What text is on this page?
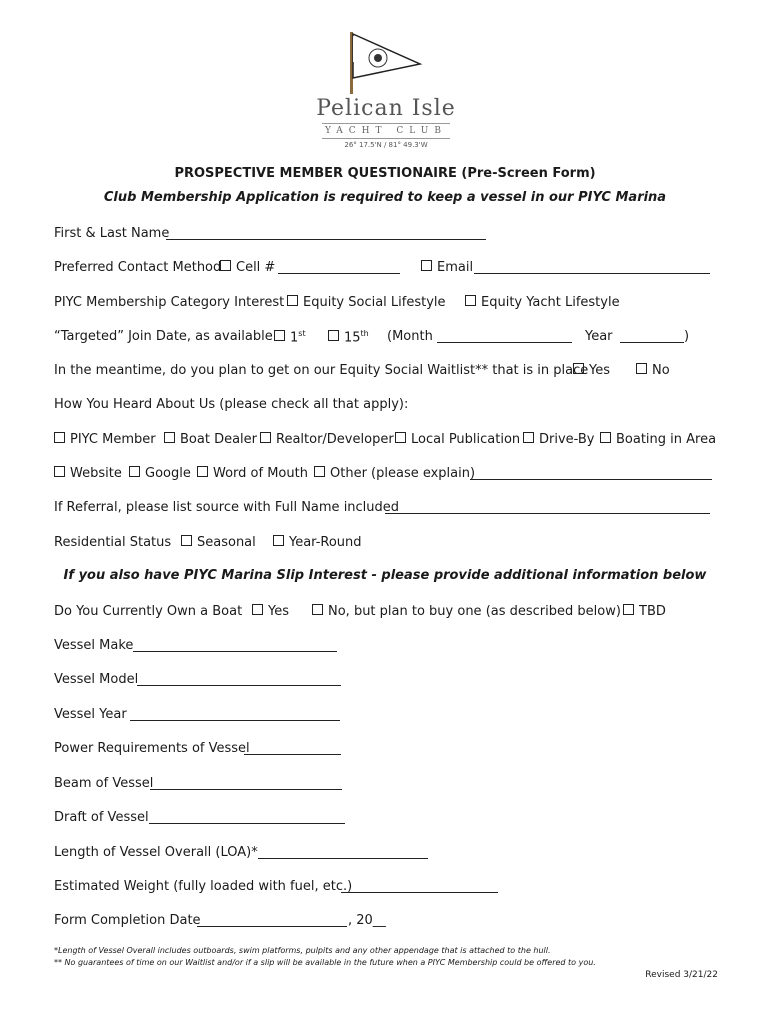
Pelican Isle
YACHT CLUB
26° 17.5'N / 81° 49.3'W
PROSPECTIVE MEMBER QUESTIONAIRE (Pre-Screen Form)
Club Membership Application is required to keep a vessel in our PIYC Marina
First & Last Name
Preferred Contact Method	Cell #	Email
PIYC Membership Category Interest	Equity Social Lifestyle	Equity Yacht Lifestyle
“Targeted” Join Date, as available	1st	15th (Month	Year	)
In the meantime, do you plan to get on our Equity Social Waitlist** that is in place Yes	No
How You Heard About Us (please check all that apply):
PIYC Member	Boat Dealer	Realtor/Developer	Local Publication	Drive-By	Boating in Area
Website	Google	Word of Mouth	Other (please explain)
If Referral, please list source with Full Name included
Residential Status	Seasonal	Year-Round
If you also have PIYC Marina Slip Interest - please provide additional information below
Do You Currently Own a Boat	Yes	No, but plan to buy one (as described below)	TBD
Vessel Make
Vessel Model
Vessel Year
Power Requirements of Vessel
Beam of Vessel
Draft of Vessel
Length of Vessel Overall (LOA)*
Estimated Weight (fully loaded with fuel, etc.)
Form Completion Date	, 20__
*Length of Vessel Overall includes outboards, swim platforms, pulpits and any other appendage that is attached to the hull.
** No guarantees of time on our Waitlist and/or if a slip will be available in the future when a PIYC Membership could be offered to you.
Revised 3/21/22
